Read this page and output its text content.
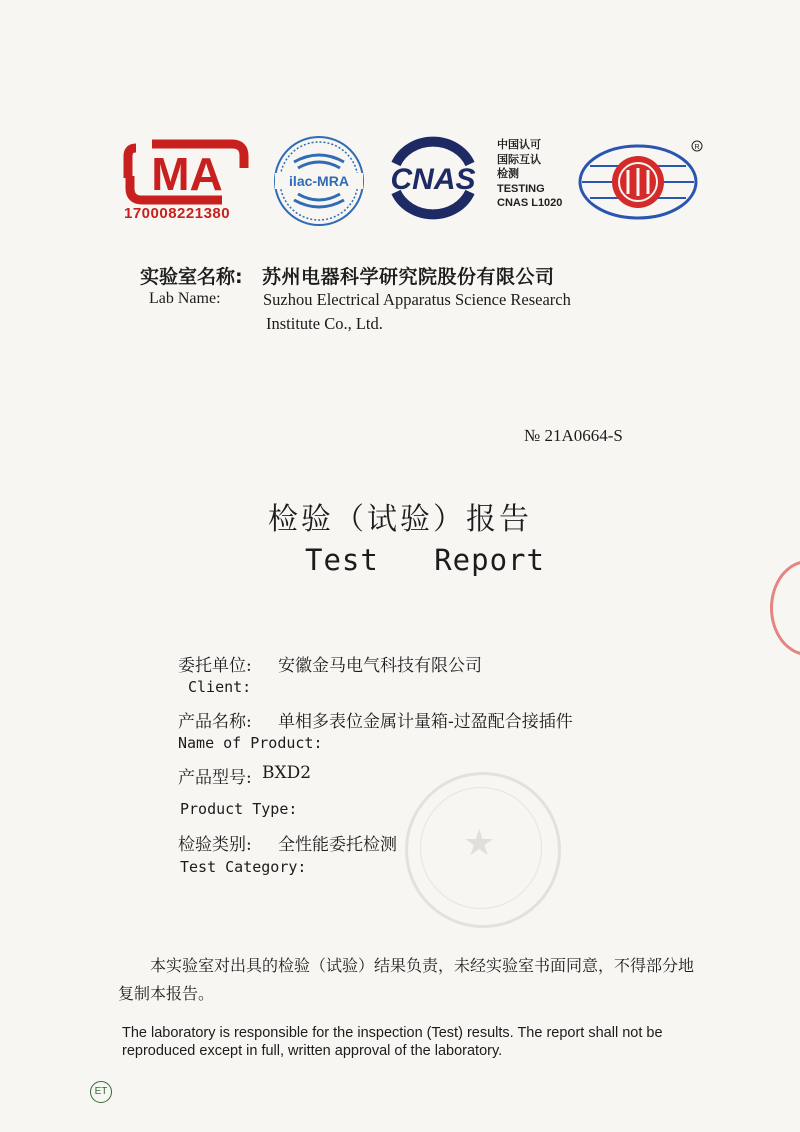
MA
170008221380
ilac-MRA CNAS
中国认可
国际互认
检测
TESTING
CNAS L1020
R
实验室名称: 苏州电器科学研究院股份有限公司
Lab Name:	Suzhou Electrical Apparatus Science Research
Institute Co., Ltd.
№ 21A0664-S
检验（试验）报告
Test   Report
★
委托单位: 安徽金马电气科技有限公司
Client:
产品名称: 单相多表位金属计量箱-过盈配合接插件
Name of Product:
产品型号: BXD2
Product Type:
检验类别: 全性能委托检测
Test Category:
本实验室对出具的检验（试验）结果负责，未经实验室书面同意，不得部分地复制本报告。
The laboratory is responsible for the inspection (Test) results. The report shall not be reproduced except in full, written approval of the laboratory.
ET
